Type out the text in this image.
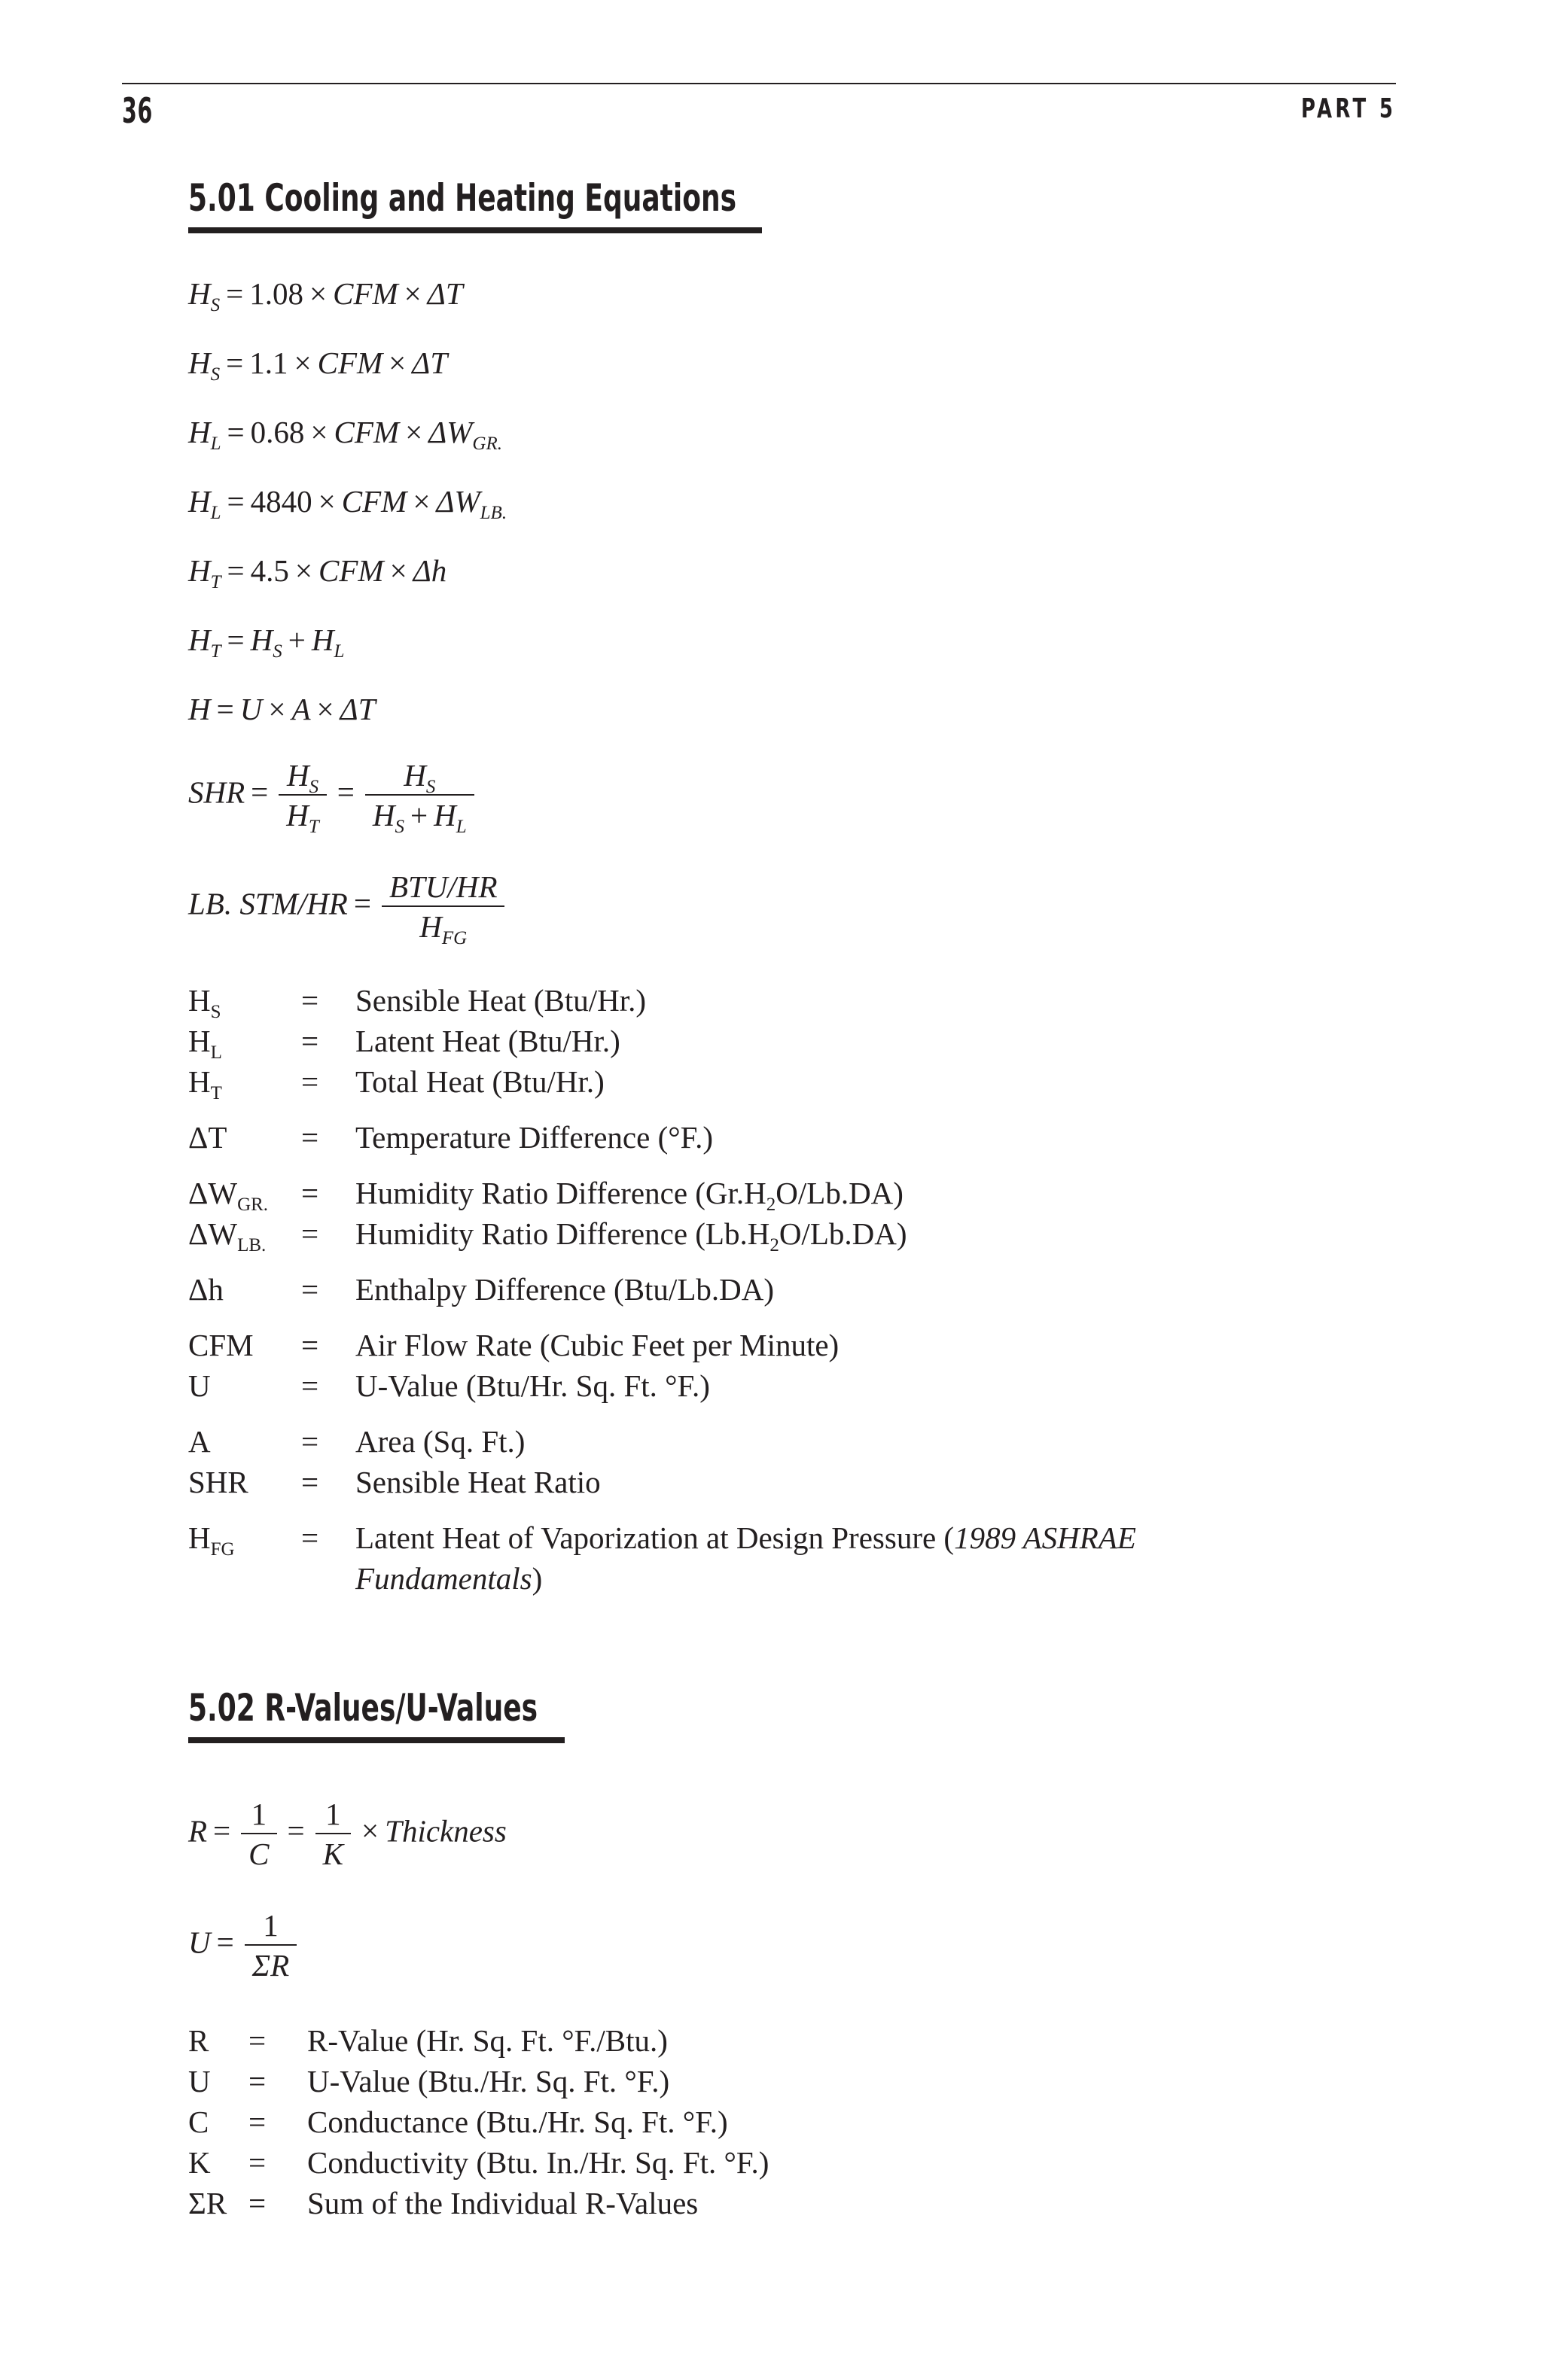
36	PART 5
5.01 Cooling and Heating Equations
$H_S = 1.08$ × CFM × ΔT
$H_S = 1.1$ × CFM × ΔT
$H_L = 0.68$ × CFM × $\Delta W_{GR.}$
$H_L = 4840$ × CFM × $\Delta W_{LB.}$
$H_T = 4.5$ × CFM × Δh
$H_T = H_S + H_L$
H = U × A × ΔT
SHR = $\frac{H_S}{H_T} = \frac{H_S}{H_S + H_L}$
LB. $STM/HR = \frac{\text{BTU/HR}}{H_{FG}}$
$H_S$	=	Sensible Heat (Btu/Hr.)
$H_L$	=	Latent Heat (Btu/Hr.)
$H_T$	=	Total Heat (Btu/Hr.)
ΔT	=	Temperature Difference (°F.)
$\Delta W_{GR.}$	=	Humidity Ratio Difference $(Gr.H_2O/Lb.DA)$
$\Delta W_{LB.}$	=	Humidity Ratio Difference $(Lb.H_2O/Lb.DA)$
Δh	=	Enthalpy Difference (Btu/Lb.DA)
CFM	=	Air Flow Rate (Cubic Feet per Minute)
U	=	U-Value (Btu/Hr. Sq. Ft. °F.)
A	=	Area (Sq. Ft.)
SHR	=	Sensible Heat Ratio
$H_{FG}$	=	Latent Heat of Vaporization at Design Pressure (1989 ASHRAE Fundamentals)
5.02 R-Values/U-Values
$R = \frac{1}{C} = \frac{1}{K}$ × Thickness
$U = \frac{1}{\Sigma R}$
R	=	R-Value (Hr. Sq. Ft. °F./Btu.)
U	=	U-Value (Btu./Hr. Sq. Ft. °F.)
C	=	Conductance (Btu./Hr. Sq. Ft. °F.)
K	=	Conductivity (Btu. In./Hr. Sq. Ft. °F.)
ΣR =	Sum of the Individual R-Values
